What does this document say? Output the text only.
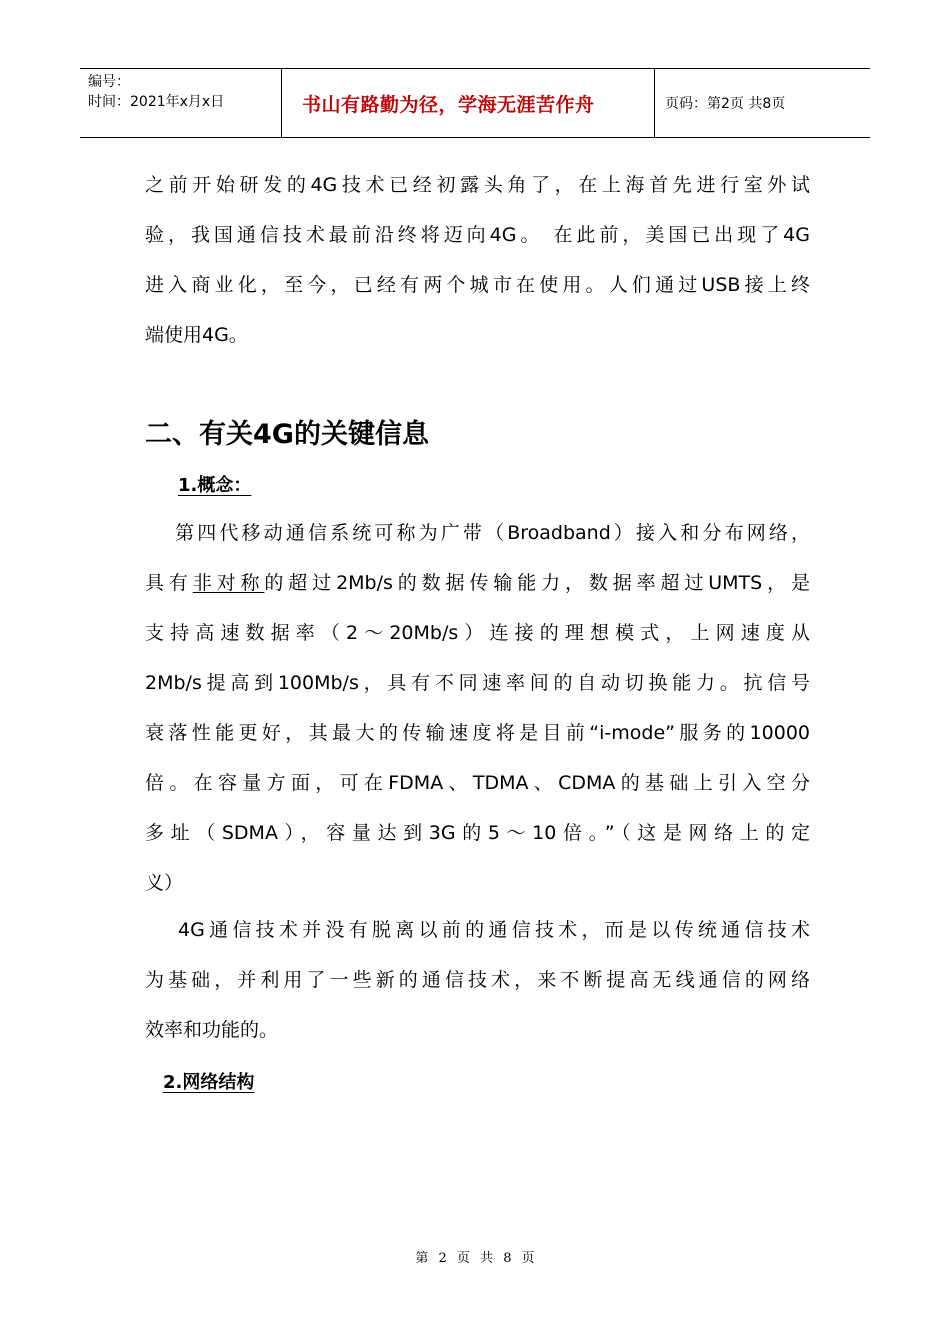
编号：
时间：2021年x月x日	书山有路勤为径，学海无涯苦作舟	页码：第2页 共8页
之前开始研发的4G技术已经初露头角了，在上海首先进行室外试
验，我国通信技术最前沿终将迈向4G。 在此前，美国已出现了4G
进入商业化，至今，已经有两个城市在使用。人们通过USB接上终
端使用4G。
二、有关4G的关键信息
1.概念：
第四代移动通信系统可称为广带（Broadband）接入和分布网络，
具有非对称的超过2Mb/s的数据传输能力，数据率超过UMTS，是
支持高速数据率（2～20Mb/s）连接的理想模式，上网速度从
2Mb/s提高到100Mb/s，具有不同速率间的自动切换能力。抗信号
衰落性能更好，其最大的传输速度将是目前“i-mode”服务的10000
倍。在容量方面，可在FDMA、TDMA、CDMA的基础上引入空分
多址（SDMA），容量达到3G的5～10倍。”（这是网络上的定
义）
4G通信技术并没有脱离以前的通信技术，而是以传统通信技术
为基础，并利用了一些新的通信技术，来不断提高无线通信的网络
效率和功能的。
2.网络结构
第 2 页 共 8 页
